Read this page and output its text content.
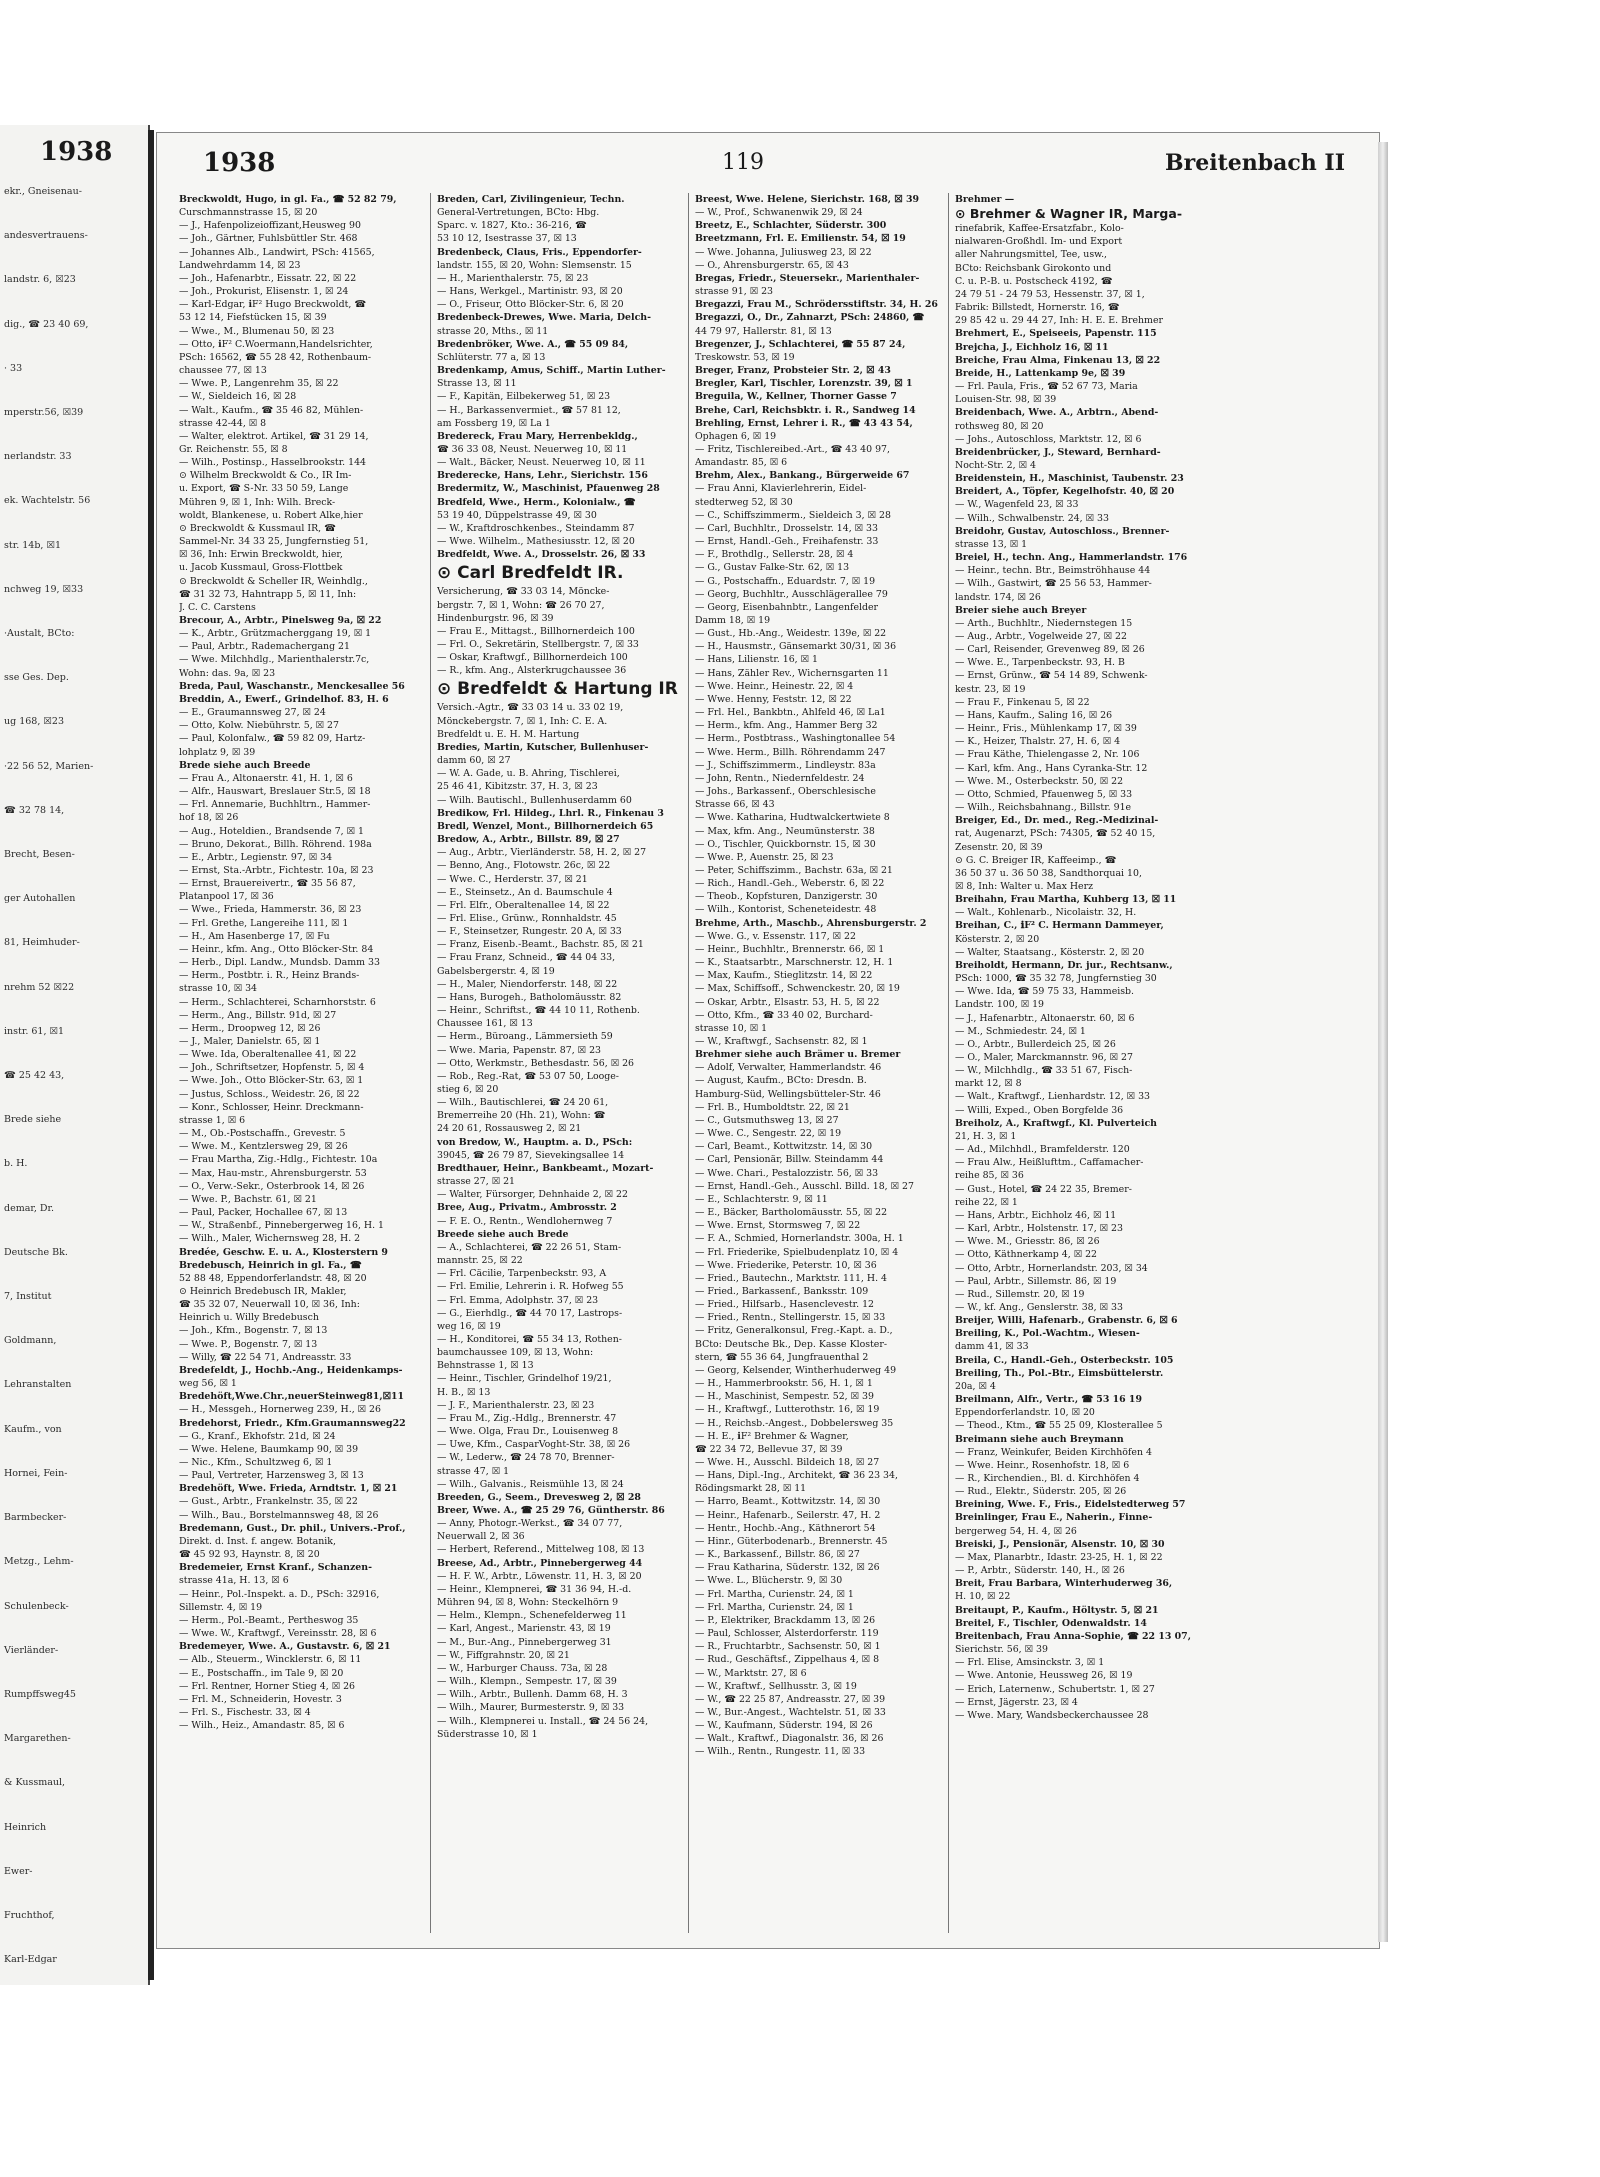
1938
ekr., Gneisenau-
andesvertrauens-
landstr. 6, ☒23
dig., ☎ 23 40 69,
· 33
mperstr.56, ☒39
nerlandstr. 33
ek. Wachtelstr. 56
str. 14b, ☒1
nchweg 19, ☒33
·Austalt, BCto:
sse Ges. Dep.
ug 168, ☒23
·22 56 52, Marien-
☎ 32 78 14,
Brecht, Besen-
ger Autohallen
81, Heimhuder-
nrehm 52 ☒22
instr. 61, ☒1
☎ 25 42 43,
Brede siehe
b. H.
demar, Dr.
Deutsche Bk.
7, Institut
Goldmann,
Lehranstalten
Kaufm., von
Hornei, Fein-
Barmbecker-
Metzg., Lehm-
Schulenbeck-
Vierländer-
Rumpffsweg45
Margarethen-
& Kussmaul,
Heinrich
Ewer-
Fruchthof,
Karl-Edgar
1938	119	Breitenbach II
Breckwoldt, Hugo, in gl. Fa., ☎ 52 82 79,
Curschmannstrasse 15, ☒ 20
— J., Hafenpolizeioffizant,Heusweg 90
— Joh., Gärtner, Fuhlsbüttler Str. 468
— Johannes Alb., Landwirt, PSch: 41565,
Landwehrdamm 14, ☒ 23
— Joh., Hafenarbtr., Eissatr. 22, ☒ 22
— Joh., Prokurist, Elisenstr. 1, ☒ 24
— Karl-Edgar, ℹF² Hugo Breckwoldt, ☎
53 12 14, Fiefstücken 15, ☒ 39
— Wwe., M., Blumenau 50, ☒ 23
— Otto, ℹF² C.Woermann,Handelsrichter,
PSch: 16562, ☎ 55 28 42, Rothenbaum-
chaussee 77, ☒ 13
— Wwe. P., Langenrehm 35, ☒ 22
— W., Sieldeich 16, ☒ 28
— Walt., Kaufm., ☎ 35 46 82, Mühlen-
strasse 42-44, ☒ 8
— Walter, elektrot. Artikel, ☎ 31 29 14,
Gr. Reichenstr. 55, ☒ 8
— Wilh., Postinsp., Hasselbrookstr. 144
⊙ Wilhelm Breckwoldt & Co., IR Im-
u. Export, ☎ S-Nr. 33 50 59, Lange
Mühren 9, ☒ 1, Inh: Wilh. Breck-
woldt, Blankenese, u. Robert Alke,hier
⊙ Breckwoldt & Kussmaul IR, ☎
Sammel-Nr. 34 33 25, Jungfernstieg 51,
☒ 36, Inh: Erwin Breckwoldt, hier,
u. Jacob Kussmaul, Gross-Flottbek
⊙ Breckwoldt & Scheller IR, Weinhdlg.,
☎ 31 32 73, Hahntrapp 5, ☒ 11, Inh:
J. C. C. Carstens
Brecour, A., Arbtr., Pinelsweg 9a, ☒ 22
— K., Arbtr., Grützmacherggang 19, ☒ 1
— Paul, Arbtr., Rademachergang 21
— Wwe. Milchhdlg., Marienthalerstr.7c,
Wohn: das. 9a, ☒ 23
Breda, Paul, Waschanstr., Menckesallee 56
Breddin, A., Ewerf., Grindelhof. 83, H. 6
— E., Graumannsweg 27, ☒ 24
— Otto, Kolw. Niebührstr. 5, ☒ 27
— Paul, Kolonfalw., ☎ 59 82 09, Hartz-
lohplatz 9, ☒ 39
Brede siehe auch Breede
— Frau A., Altonaerstr. 41, H. 1, ☒ 6
— Alfr., Hauswart, Breslauer Str.5, ☒ 18
— Frl. Annemarie, Buchhltrn., Hammer-
hof 18, ☒ 26
— Aug., Hoteldien., Brandsende 7, ☒ 1
— Bruno, Dekorat., Billh. Röhrend. 198a
— E., Arbtr., Legienstr. 97, ☒ 34
— Ernst, Sta.-Arbtr., Fichtestr. 10a, ☒ 23
— Ernst, Brauereivertr., ☎ 35 56 87,
Platanpool 17, ☒ 36
— Wwe., Frieda, Hammerstr. 36, ☒ 23
— Frl. Grethe, Langereihe 111, ☒ 1
— H., Am Hasenberge 17, ☒ Fu
— Heinr., kfm. Ang., Otto Blöcker-Str. 84
— Herb., Dipl. Landw., Mundsb. Damm 33
— Herm., Postbtr. i. R., Heinz Brands-
strasse 10, ☒ 34
— Herm., Schlachterei, Scharnhorststr. 6
— Herm., Ang., Billstr. 91d, ☒ 27
— Herm., Droopweg 12, ☒ 26
— J., Maler, Danielstr. 65, ☒ 1
— Wwe. Ida, Oberaltenallee 41, ☒ 22
— Joh., Schriftsetzer, Hopfenstr. 5, ☒ 4
— Wwe. Joh., Otto Blöcker-Str. 63, ☒ 1
— Justus, Schloss., Weidestr. 26, ☒ 22
— Konr., Schlosser, Heinr. Dreckmann-
strasse 1, ☒ 6
— M., Ob.-Postschaffn., Grevestr. 5
— Wwe. M., Kentzlersweg 29, ☒ 26
— Frau Martha, Zig.-Hdlg., Fichtestr. 10a
— Max, Hau-mstr., Ahrensburgerstr. 53
— O., Verw.-Sekr., Osterbrook 14, ☒ 26
— Wwe. P., Bachstr. 61, ☒ 21
— Paul, Packer, Hochallee 67, ☒ 13
— W., Straßenbf., Pinnebergerweg 16, H. 1
— Wilh., Maler, Wichernsweg 28, H. 2
Bredée, Geschw. E. u. A., Klosterstern 9
Bredebusch, Heinrich in gl. Fa., ☎
52 88 48, Eppendorferlandstr. 48, ☒ 20
⊙ Heinrich Bredebusch IR, Makler,
☎ 35 32 07, Neuerwall 10, ☒ 36, Inh:
Heinrich u. Willy Bredebusch
— Joh., Kfm., Bogenstr. 7, ☒ 13
— Wwe. P., Bogenstr. 7, ☒ 13
— Willy, ☎ 22 54 71, Andreasstr. 33
Bredefeldt, J., Hochb.-Ang., Heidenkamps-
weg 56, ☒ 1
Bredehöft,Wwe.Chr.,neuerSteinweg81,☒11
— H., Messgeh., Hornerweg 239, H., ☒ 26
Bredehorst, Friedr., Kfm.Graumannsweg22
— G., Kranf., Ekhofstr. 21d, ☒ 24
— Wwe. Helene, Baumkamp 90, ☒ 39
— Nic., Kfm., Schultzweg 6, ☒ 1
— Paul, Vertreter, Harzensweg 3, ☒ 13
Bredehöft, Wwe. Frieda, Arndtstr. 1, ☒ 21
— Gust., Arbtr., Frankelnstr. 35, ☒ 22
— Wilh., Bau., Borstelmannsweg 48, ☒ 26
Bredemann, Gust., Dr. phil., Univers.-Prof.,
Direkt. d. Inst. f. angew. Botanik,
☎ 45 92 93, Haynstr. 8, ☒ 20
Bredemeier, Ernst Kranf., Schanzen-
strasse 41a, H. 13, ☒ 6
— Heinr., Pol.-Inspekt. a. D., PSch: 32916,
Sillemstr. 4, ☒ 19
— Herm., Pol.-Beamt., Pertheswog 35
— Wwe. W., Kraftwgf., Vereinsstr. 28, ☒ 6
Bredemeyer, Wwe. A., Gustavstr. 6, ☒ 21
— Alb., Steuerm., Wincklerstr. 6, ☒ 11
— E., Postschaffn., im Tale 9, ☒ 20
— Frl. Rentner, Horner Stieg 4, ☒ 26
— Frl. M., Schneiderin, Hovestr. 3
— Frl. S., Fischestr. 33, ☒ 4
— Wilh., Heiz., Amandastr. 85, ☒ 6
Breden, Carl, Zivilingenieur, Techn.
General-Vertretungen, BCto: Hbg.
Sparc. v. 1827, Kto.: 36-216, ☎
53 10 12, Isestrasse 37, ☒ 13
Bredenbeck, Claus, Fris., Eppendorfer-
landstr. 155, ☒ 20, Wohn: Slemsenstr. 15
— H., Marienthalerstr. 75, ☒ 23
— Hans, Werkgel., Martinistr. 93, ☒ 20
— O., Friseur, Otto Blöcker-Str. 6, ☒ 20
Bredenbeck-Drewes, Wwe. Maria, Delch-
strasse 20, Mths., ☒ 11
Bredenbröker, Wwe. A., ☎ 55 09 84,
Schlüterstr. 77 a, ☒ 13
Bredenkamp, Amus, Schiff., Martin Luther-
Strasse 13, ☒ 11
— F., Kapitän, Eilbekerweg 51, ☒ 23
— H., Barkassenvermiet., ☎ 57 81 12,
am Fossberg 19, ☒ La 1
Bredereck, Frau Mary, Herrenbekldg.,
☎ 36 33 08, Neust. Neuerweg 10, ☒ 11
— Walt., Bäcker, Neust. Neuerweg 10, ☒ 11
Brederecke, Hans, Lehr., Sierichstr. 156
Bredermitz, W., Maschinist, Pfauenweg 28
Bredfeld, Wwe., Herm., Kolonialw., ☎
53 19 40, Düppelstrasse 49, ☒ 30
— W., Kraftdroschkenbes., Steindamm 87
— Wwe. Wilhelm., Mathesiusstr. 12, ☒ 20
Bredfeldt, Wwe. A., Drosselstr. 26, ☒ 33
⊙ Carl Bredfeldt IR.
Versicherung, ☎ 33 03 14, Möncke-
bergstr. 7, ☒ 1, Wohn: ☎ 26 70 27,
Hindenburgstr. 96, ☒ 39
— Frau E., Mittagst., Billhornerdeich 100
— Frl. O., Sekretärin, Stellbergstr. 7, ☒ 33
— Oskar, Kraftwgf., Billhornerdeich 100
— R., kfm. Ang., Alsterkrugchaussee 36
⊙ Bredfeldt & Hartung IR
Versich.-Agtr., ☎ 33 03 14 u. 33 02 19,
Mönckebergstr. 7, ☒ 1, Inh: C. E. A.
Bredfeldt u. E. H. M. Hartung
Bredies, Martin, Kutscher, Bullenhuser-
damm 60, ☒ 27
— W. A. Gade, u. B. Ahring, Tischlerei,
25 46 41, Kibitzstr. 37, H. 3, ☒ 23
— Wilh. Bautischl., Bullenhuserdamm 60
Bredikow, Frl. Hildeg., Lhrl. R., Finkenau 3
Bredl, Wenzel, Mont., Billhornerdeich 65
Bredow, A., Arbtr., Billstr. 89, ☒ 27
— Aug., Arbtr., Vierländerstr. 58, H. 2, ☒ 27
— Benno, Ang., Flotowstr. 26c, ☒ 22
— Wwe. C., Herderstr. 37, ☒ 21
— E., Steinsetz., An d. Baumschule 4
— Frl. Elfr., Oberaltenallee 14, ☒ 22
— Frl. Elise., Grünw., Ronnhaldstr. 45
— F., Steinsetzer, Rungestr. 20 A, ☒ 33
— Franz, Eisenb.-Beamt., Bachstr. 85, ☒ 21
— Frau Franz, Schneid., ☎ 44 04 33,
Gabelsbergerstr. 4, ☒ 19
— H., Maler, Niendorferstr. 148, ☒ 22
— Hans, Burogeh., Batholomäusstr. 82
— Heinr., Schriftst., ☎ 44 10 11, Rothenb.
Chaussee 161, ☒ 13
— Herm., Büroang., Lämmersieth 59
— Wwe. Maria, Papenstr. 87, ☒ 23
— Otto, Werkmstr., Bethesdastr. 56, ☒ 26
— Rob., Reg.-Rat, ☎ 53 07 50, Looge-
stieg 6, ☒ 20
— Wilh., Bautischlerei, ☎ 24 20 61,
Bremerreihe 20 (Hh. 21), Wohn: ☎
24 20 61, Rossausweg 2, ☒ 21
von Bredow, W., Hauptm. a. D., PSch:
39045, ☎ 26 79 87, Sievekingsallee 14
Bredthauer, Heinr., Bankbeamt., Mozart-
strasse 27, ☒ 21
— Walter, Fürsorger, Dehnhaide 2, ☒ 22
Bree, Aug., Privatm., Ambrosstr. 2
— F. E. O., Rentn., Wendlohernweg 7
Breede siehe auch Brede
— A., Schlachterei, ☎ 22 26 51, Stam-
mannstr. 25, ☒ 22
— Frl. Cäcilie, Tarpenbeckstr. 93, A
— Frl. Emilie, Lehrerin i. R. Hofweg 55
— Frl. Emma, Adolphstr. 37, ☒ 23
— G., Eierhdlg., ☎ 44 70 17, Lastrops-
weg 16, ☒ 19
— H., Konditorei, ☎ 55 34 13, Rothen-
baumchaussee 109, ☒ 13, Wohn:
Behnstrasse 1, ☒ 13
— Heinr., Tischler, Grindelhof 19/21,
H. B., ☒ 13
— J. F., Marienthalerstr. 23, ☒ 23
— Frau M., Zig.-Hdlg., Brennerstr. 47
— Wwe. Olga, Frau Dr., Louisenweg 8
— Uwe, Kfm., CasparVoght-Str. 38, ☒ 26
— W., Lederw., ☎ 24 78 70, Brenner-
strasse 47, ☒ 1
— Wilh., Galvanis., Reismühle 13, ☒ 24
Breeden, G., Seem., Drevesweg 2, ☒ 28
Breer, Wwe. A., ☎ 25 29 76, Güntherstr. 86
— Anny, Photogr.-Werkst., ☎ 34 07 77,
Neuerwall 2, ☒ 36
— Herbert, Referend., Mittelweg 108, ☒ 13
Breese, Ad., Arbtr., Pinnebergerweg 44
— H. F. W., Arbtr., Löwenstr. 11, H. 3, ☒ 20
— Heinr., Klempnerei, ☎ 31 36 94, H.-d.
Mühren 94, ☒ 8, Wohn: Steckelhörn 9
— Helm., Klempn., Schenefelderweg 11
— Karl, Angest., Marienstr. 43, ☒ 19
— M., Bur.-Ang., Pinnebergerweg 31
— W., Fiffgrahnstr. 20, ☒ 21
— W., Harburger Chauss. 73a, ☒ 28
— Wilh., Klempn., Sempestr. 17, ☒ 39
— Wilh., Arbtr., Bullenh. Damm 68, H. 3
— Wilh., Maurer, Burmesterstr. 9, ☒ 33
— Wilh., Klempnerei u. Install., ☎ 24 56 24,
Süderstrasse 10, ☒ 1
Breest, Wwe. Helene, Sierichstr. 168, ☒ 39
— W., Prof., Schwanenwik 29, ☒ 24
Breetz, E., Schlachter, Süderstr. 300
Breetzmann, Frl. E. Emilienstr. 54, ☒ 19
— Wwe. Johanna, Juliusweg 23, ☒ 22
— O., Ahrensburgerstr. 65, ☒ 43
Bregas, Friedr., Steuersekr., Marienthaler-
strasse 91, ☒ 23
Bregazzi, Frau M., Schrödersstiftstr. 34, H. 26
Bregazzi, O., Dr., Zahnarzt, PSch: 24860, ☎
44 79 97, Hallerstr. 81, ☒ 13
Bregenzer, J., Schlachterei, ☎ 55 87 24,
Treskowstr. 53, ☒ 19
Breger, Franz, Probsteier Str. 2, ☒ 43
Bregler, Karl, Tischler, Lorenzstr. 39, ☒ 1
Breguila, W., Kellner, Thorner Gasse 7
Brehe, Carl, Reichsbktr. i. R., Sandweg 14
Brehling, Ernst, Lehrer i. R., ☎ 43 43 54,
Ophagen 6, ☒ 19
— Fritz, Tischlereibed.-Art., ☎ 43 40 97,
Amandastr. 85, ☒ 6
Brehm, Alex., Bankang., Bürgerweide 67
— Frau Anni, Klavierlehrerin, Eidel-
stedterweg 52, ☒ 30
— C., Schiffszimmerm., Sieldeich 3, ☒ 28
— Carl, Buchhltr., Drosselstr. 14, ☒ 33
— Ernst, Handl.-Geh., Freihafenstr. 33
— F., Brothdlg., Sellerstr. 28, ☒ 4
— G., Gustav Falke-Str. 62, ☒ 13
— G., Postschaffn., Eduardstr. 7, ☒ 19
— Georg, Buchhltr., Ausschlägerallee 79
— Georg, Eisenbahnbtr., Langenfelder
Damm 18, ☒ 19
— Gust., Hb.-Ang., Weidestr. 139e, ☒ 22
— H., Hausmstr., Gänsemarkt 30/31, ☒ 36
— Hans, Lilienstr. 16, ☒ 1
— Hans, Zähler Rev., Wichernsgarten 11
— Wwe. Heinr., Heinestr. 22, ☒ 4
— Wwe. Henny, Feststr. 12, ☒ 22
— Frl. Hel., Bankbtn., Ahlfeld 46, ☒ La1
— Herm., kfm. Ang., Hammer Berg 32
— Herm., Postbtrass., Washingtonallee 54
— Wwe. Herm., Billh. Röhrendamm 247
— J., Schiffszimmerm., Lindleystr. 83a
— John, Rentn., Niedernfeldestr. 24
— Johs., Barkassenf., Oberschlesische
Strasse 66, ☒ 43
— Wwe. Katharina, Hudtwalckertwiete 8
— Max, kfm. Ang., Neumünsterstr. 38
— O., Tischler, Quickbornstr. 15, ☒ 30
— Wwe. P., Auenstr. 25, ☒ 23
— Peter, Schiffszimm., Bachstr. 63a, ☒ 21
— Rich., Handl.-Geh., Weberstr. 6, ☒ 22
— Theob., Kopfsturen, Danzigerstr. 30
— Wilh., Kontorist, Scheneteidestr. 48
Brehme, Arth., Maschb., Ahrensburgerstr. 2
— Wwe. G., v. Essenstr. 117, ☒ 22
— Heinr., Buchhltr., Brennerstr. 66, ☒ 1
— K., Staatsarbtr., Marschnerstr. 12, H. 1
— Max, Kaufm., Stieglitzstr. 14, ☒ 22
— Max, Schiffsoff., Schwenckestr. 20, ☒ 19
— Oskar, Arbtr., Elsastr. 53, H. 5, ☒ 22
— Otto, Kfm., ☎ 33 40 02, Burchard-
strasse 10, ☒ 1
— W., Kraftwgf., Sachsenstr. 82, ☒ 1
Brehmer siehe auch Brämer u. Bremer
— Adolf, Verwalter, Hammerlandstr. 46
— August, Kaufm., BCto: Dresdn. B.
Hamburg-Süd, Wellingsbütteler-Str. 46
— Frl. B., Humboldtstr. 22, ☒ 21
— C., Gutsmuthsweg 13, ☒ 27
— Wwe. C., Sengestr. 22, ☒ 19
— Carl, Beamt., Kottwitzstr. 14, ☒ 30
— Carl, Pensionär, Billw. Steindamm 44
— Wwe. Chari., Pestalozzistr. 56, ☒ 33
— Ernst, Handl.-Geh., Ausschl. Billd. 18, ☒ 27
— E., Schlachterstr. 9, ☒ 11
— E., Bäcker, Bartholomäusstr. 55, ☒ 22
— Wwe. Ernst, Stormsweg 7, ☒ 22
— F. A., Schmied, Hornerlandstr. 300a, H. 1
— Frl. Friederike, Spielbudenplatz 10, ☒ 4
— Wwe. Friederike, Peterstr. 10, ☒ 36
— Fried., Bautechn., Marktstr. 111, H. 4
— Fried., Barkassenf., Banksstr. 109
— Fried., Hilfsarb., Hasenclevestr. 12
— Fried., Rentn., Stellingerstr. 15, ☒ 33
— Fritz, Generalkonsul, Freg.-Kapt. a. D.,
BCto: Deutsche Bk., Dep. Kasse Kloster-
stern, ☎ 55 36 64, Jungfrauenthal 2
— Georg, Kelsender, Wintherhuderweg 49
— H., Hammerbrookstr. 56, H. 1, ☒ 1
— H., Maschinist, Sempestr. 52, ☒ 39
— H., Kraftwgf., Lutterothstr. 16, ☒ 19
— H., Reichsb.-Angest., Dobbelersweg 35
— H. E., ℹF² Brehmer & Wagner,
☎ 22 34 72, Bellevue 37, ☒ 39
— Wwe. H., Ausschl. Bildeich 18, ☒ 27
— Hans, Dipl.-Ing., Architekt, ☎ 36 23 34,
Rödingsmarkt 28, ☒ 11
— Harro, Beamt., Kottwitzstr. 14, ☒ 30
— Heinr., Hafenarb., Seilerstr. 47, H. 2
— Hentr., Hochb.-Ang., Käthnerort 54
— Hinr., Güterbodenarb., Brennerstr. 45
— K., Barkassenf., Billstr. 86, ☒ 27
— Frau Katharina, Süderstr. 132, ☒ 26
— Wwe. L., Blücherstr. 9, ☒ 30
— Frl. Martha, Curienstr. 24, ☒ 1
— Frl. Martha, Curienstr. 24, ☒ 1
— P., Elektriker, Brackdamm 13, ☒ 26
— Paul, Schlosser, Alsterdorferstr. 119
— R., Fruchtarbtr., Sachsenstr. 50, ☒ 1
— Rud., Geschäftsf., Zippelhaus 4, ☒ 8
— W., Marktstr. 27, ☒ 6
— W., Kraftwf., Sellhusstr. 3, ☒ 19
— W., ☎ 22 25 87, Andreasstr. 27, ☒ 39
— W., Bur.-Angest., Wachtelstr. 51, ☒ 33
— W., Kaufmann, Süderstr. 194, ☒ 26
— Walt., Kraftwf., Diagonalstr. 36, ☒ 26
— Wilh., Rentn., Rungestr. 11, ☒ 33
Brehmer —
⊙ Brehmer & Wagner IR, Marga-
rinefabrik, Kaffee-Ersatzfabr., Kolo-
nialwaren-Großhdl. Im- und Export
aller Nahrungsmittel, Tee, usw.,
BCto: Reichsbank Girokonto und
C. u. P.-B. u. Postscheck 4192, ☎
24 79 51 - 24 79 53, Hessenstr. 37, ☒ 1,
Fabrik: Billstedt, Hornerstr. 16, ☎
29 85 42 u. 29 44 27, Inh: H. E. E. Brehmer
Brehmert, E., Speiseeis, Papenstr. 115
Brejcha, J., Eichholz 16, ☒ 11
Breiche, Frau Alma, Finkenau 13, ☒ 22
Breide, H., Lattenkamp 9e, ☒ 39
— Frl. Paula, Fris., ☎ 52 67 73, Maria
Louisen-Str. 98, ☒ 39
Breidenbach, Wwe. A., Arbtrn., Abend-
rothsweg 80, ☒ 20
— Johs., Autoschloss, Marktstr. 12, ☒ 6
Breidenbrücker, J., Steward, Bernhard-
Nocht-Str. 2, ☒ 4
Breidenstein, H., Maschinist, Taubenstr. 23
Breidert, A., Töpfer, Kegelhofstr. 40, ☒ 20
— W., Wagenfeld 23, ☒ 33
— Wilh., Schwalbenstr. 24, ☒ 33
Breidohr, Gustav, Autoschloss., Brenner-
strasse 13, ☒ 1
Breiel, H., techn. Ang., Hammerlandstr. 176
— Heinr., techn. Btr., Beimströhhause 44
— Wilh., Gastwirt, ☎ 25 56 53, Hammer-
landstr. 174, ☒ 26
Breier siehe auch Breyer
— Arth., Buchhltr., Niedernstegen 15
— Aug., Arbtr., Vogelweide 27, ☒ 22
— Carl, Reisender, Grevenweg 89, ☒ 26
— Wwe. E., Tarpenbeckstr. 93, H. B
— Ernst, Grünw., ☎ 54 14 89, Schwenk-
kestr. 23, ☒ 19
— Frau F., Finkenau 5, ☒ 22
— Hans, Kaufm., Saling 16, ☒ 26
— Heinr., Fris., Mühlenkamp 17, ☒ 39
— K., Heizer, Thalstr. 27, H. 6, ☒ 4
— Frau Käthe, Thielengasse 2, Nr. 106
— Karl, kfm. Ang., Hans Cyranka-Str. 12
— Wwe. M., Osterbeckstr. 50, ☒ 22
— Otto, Schmied, Pfauenweg 5, ☒ 33
— Wilh., Reichsbahnang., Billstr. 91e
Breiger, Ed., Dr. med., Reg.-Medizinal-
rat, Augenarzt, PSch: 74305, ☎ 52 40 15,
Zesenstr. 20, ☒ 39
⊙ G. C. Breiger IR, Kaffeeimp., ☎
36 50 37 u. 36 50 38, Sandthorquai 10,
☒ 8, Inh: Walter u. Max Herz
Breihahn, Frau Martha, Kuhberg 13, ☒ 11
— Walt., Kohlenarb., Nicolaistr. 32, H.
Breihan, C., ℹF² C. Hermann Dammeyer,
Kösterstr. 2, ☒ 20
— Walter, Staatsang., Kösterstr. 2, ☒ 20
Breiholdt, Hermann, Dr. jur., Rechtsanw.,
PSch: 1000, ☎ 35 32 78, Jungfernstieg 30
— Wwe. Ida, ☎ 59 75 33, Hammeisb.
Landstr. 100, ☒ 19
— J., Hafenarbtr., Altonaerstr. 60, ☒ 6
— M., Schmiedestr. 24, ☒ 1
— O., Arbtr., Bullerdeich 25, ☒ 26
— O., Maler, Marckmannstr. 96, ☒ 27
— W., Milchhdlg., ☎ 33 51 67, Fisch-
markt 12, ☒ 8
— Walt., Kraftwgf., Lienhardstr. 12, ☒ 33
— Willi, Exped., Oben Borgfelde 36
Breiholz, A., Kraftwgf., Kl. Pulverteich
21, H. 3, ☒ 1
— Ad., Milchhdl., Bramfelderstr. 120
— Frau Alw., Heißlufttm., Caffamacher-
reihe 85, ☒ 36
— Gust., Hotel, ☎ 24 22 35, Bremer-
reihe 22, ☒ 1
— Hans, Arbtr., Eichholz 46, ☒ 11
— Karl, Arbtr., Holstenstr. 17, ☒ 23
— Wwe. M., Griesstr. 86, ☒ 26
— Otto, Käthnerkamp 4, ☒ 22
— Otto, Arbtr., Hornerlandstr. 203, ☒ 34
— Paul, Arbtr., Sillemstr. 86, ☒ 19
— Rud., Sillemstr. 20, ☒ 19
— W., kf. Ang., Genslerstr. 38, ☒ 33
Breijer, Willi, Hafenarb., Grabenstr. 6, ☒ 6
Breiling, K., Pol.-Wachtm., Wiesen-
damm 41, ☒ 33
Breila, C., Handl.-Geh., Osterbeckstr. 105
Breiling, Th., Pol.-Btr., Eimsbüttelerstr.
20a, ☒ 4
Breilmann, Alfr., Vertr., ☎ 53 16 19
Eppendorferlandstr. 10, ☒ 20
— Theod., Ktm., ☎ 55 25 09, Klosterallee 5
Breimann siehe auch Breymann
— Franz, Weinkufer, Beiden Kirchhöfen 4
— Wwe. Heinr., Rosenhofstr. 18, ☒ 6
— R., Kirchendien., Bl. d. Kirchhöfen 4
— Rud., Elektr., Süderstr. 205, ☒ 26
Breining, Wwe. F., Fris., Eidelstedterweg 57
Breinlinger, Frau E., Naherin., Finne-
bergerweg 54, H. 4, ☒ 26
Breiski, J., Pensionär, Alsenstr. 10, ☒ 30
— Max, Planarbtr., Idastr. 23-25, H. 1, ☒ 22
— P., Arbtr., Süderstr. 140, H., ☒ 26
Breit, Frau Barbara, Winterhuderweg 36,
H. 10, ☒ 22
Breitaupt, P., Kaufm., Höltystr. 5, ☒ 21
Breitel, F., Tischler, Odenwaldstr. 14
Breitenbach, Frau Anna-Sophie, ☎ 22 13 07,
Sierichstr. 56, ☒ 39
— Frl. Elise, Amsinckstr. 3, ☒ 1
— Wwe. Antonie, Heussweg 26, ☒ 19
— Erich, Laternenw., Schubertstr. 1, ☒ 27
— Ernst, Jägerstr. 23, ☒ 4
— Wwe. Mary, Wandsbeckerchaussee 28
